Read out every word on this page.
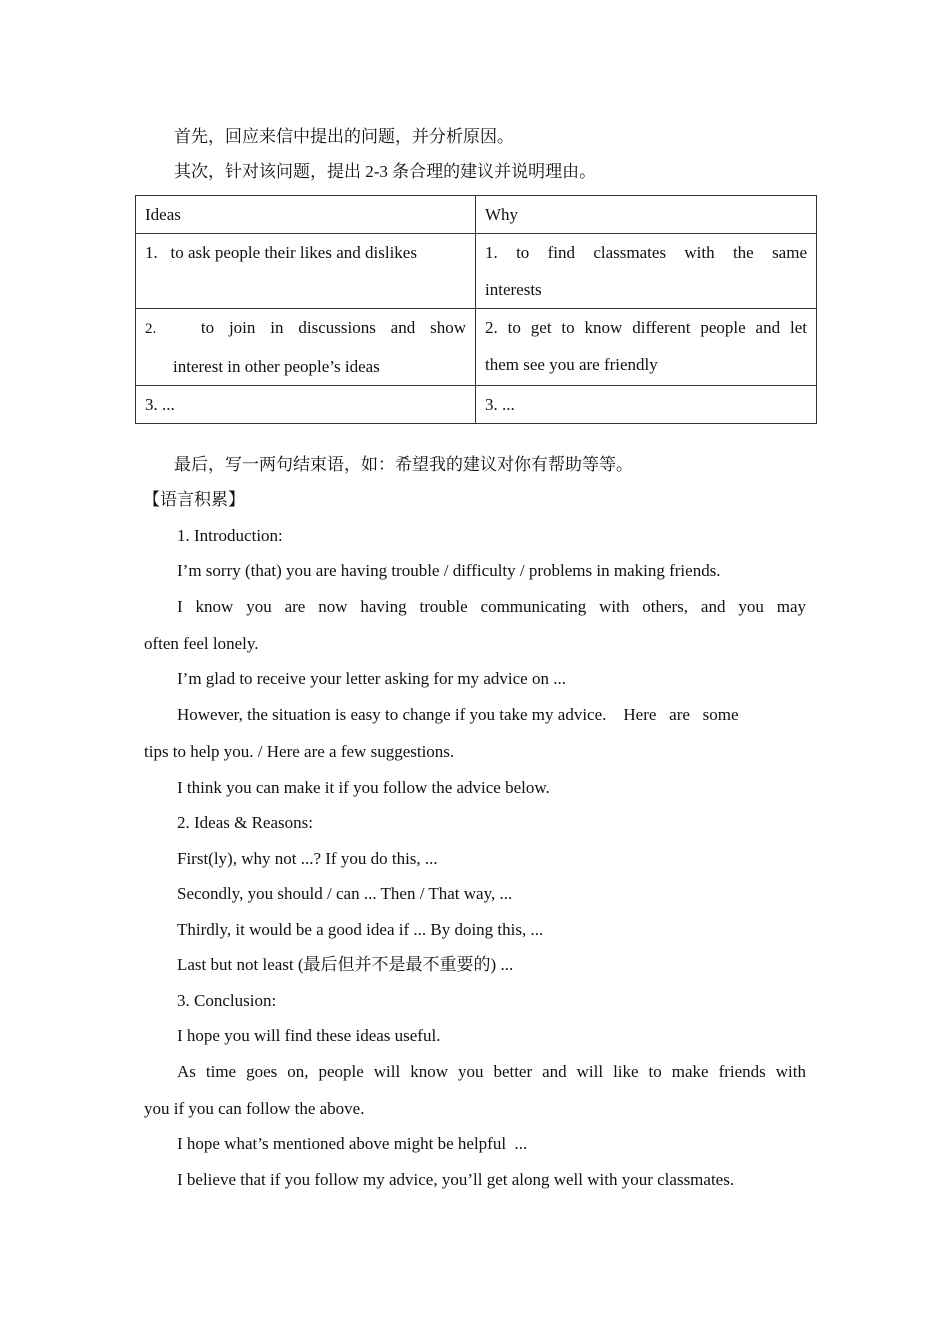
首先，回应来信中提出的问题，并分析原因。
其次，针对该问题，提出 2-3 条合理的建议并说明理由。
Ideas	Why

1.   to ask people their likes and dislikes	1. to find classmates with the same
interests

2. to join in discussions and show
interest in other people’s ideas	2. to get to know different people and let
them see you are friendly

3. ...	3. ...
最后，写一两句结束语，如：希望我的建议对你有帮助等等。
【语言积累】
1. Introduction:
I’m sorry (that) you are having trouble / difficulty / problems in making friends.
I know you are now having trouble communicating with others, and you may
often feel lonely.
I’m glad to receive your letter asking for my advice on ...
However, the situation is easy to change if you take my advice.    Here   are   some
tips to help you. / Here are a few suggestions.
I think you can make it if you follow the advice below.
2. Ideas & Reasons:
First(ly), why not ...? If you do this, ...
Secondly, you should / can ... Then / That way, ...
Thirdly, it would be a good idea if ... By doing this, ...
Last but not least (最后但并不是最不重要的) ...
3. Conclusion:
I hope you will find these ideas useful.
As time goes on, people will know you better and will like to make friends with
you if you can follow the above.
I hope what’s mentioned above might be helpful  ...
I believe that if you follow my advice, you’ll get along well with your classmates.
